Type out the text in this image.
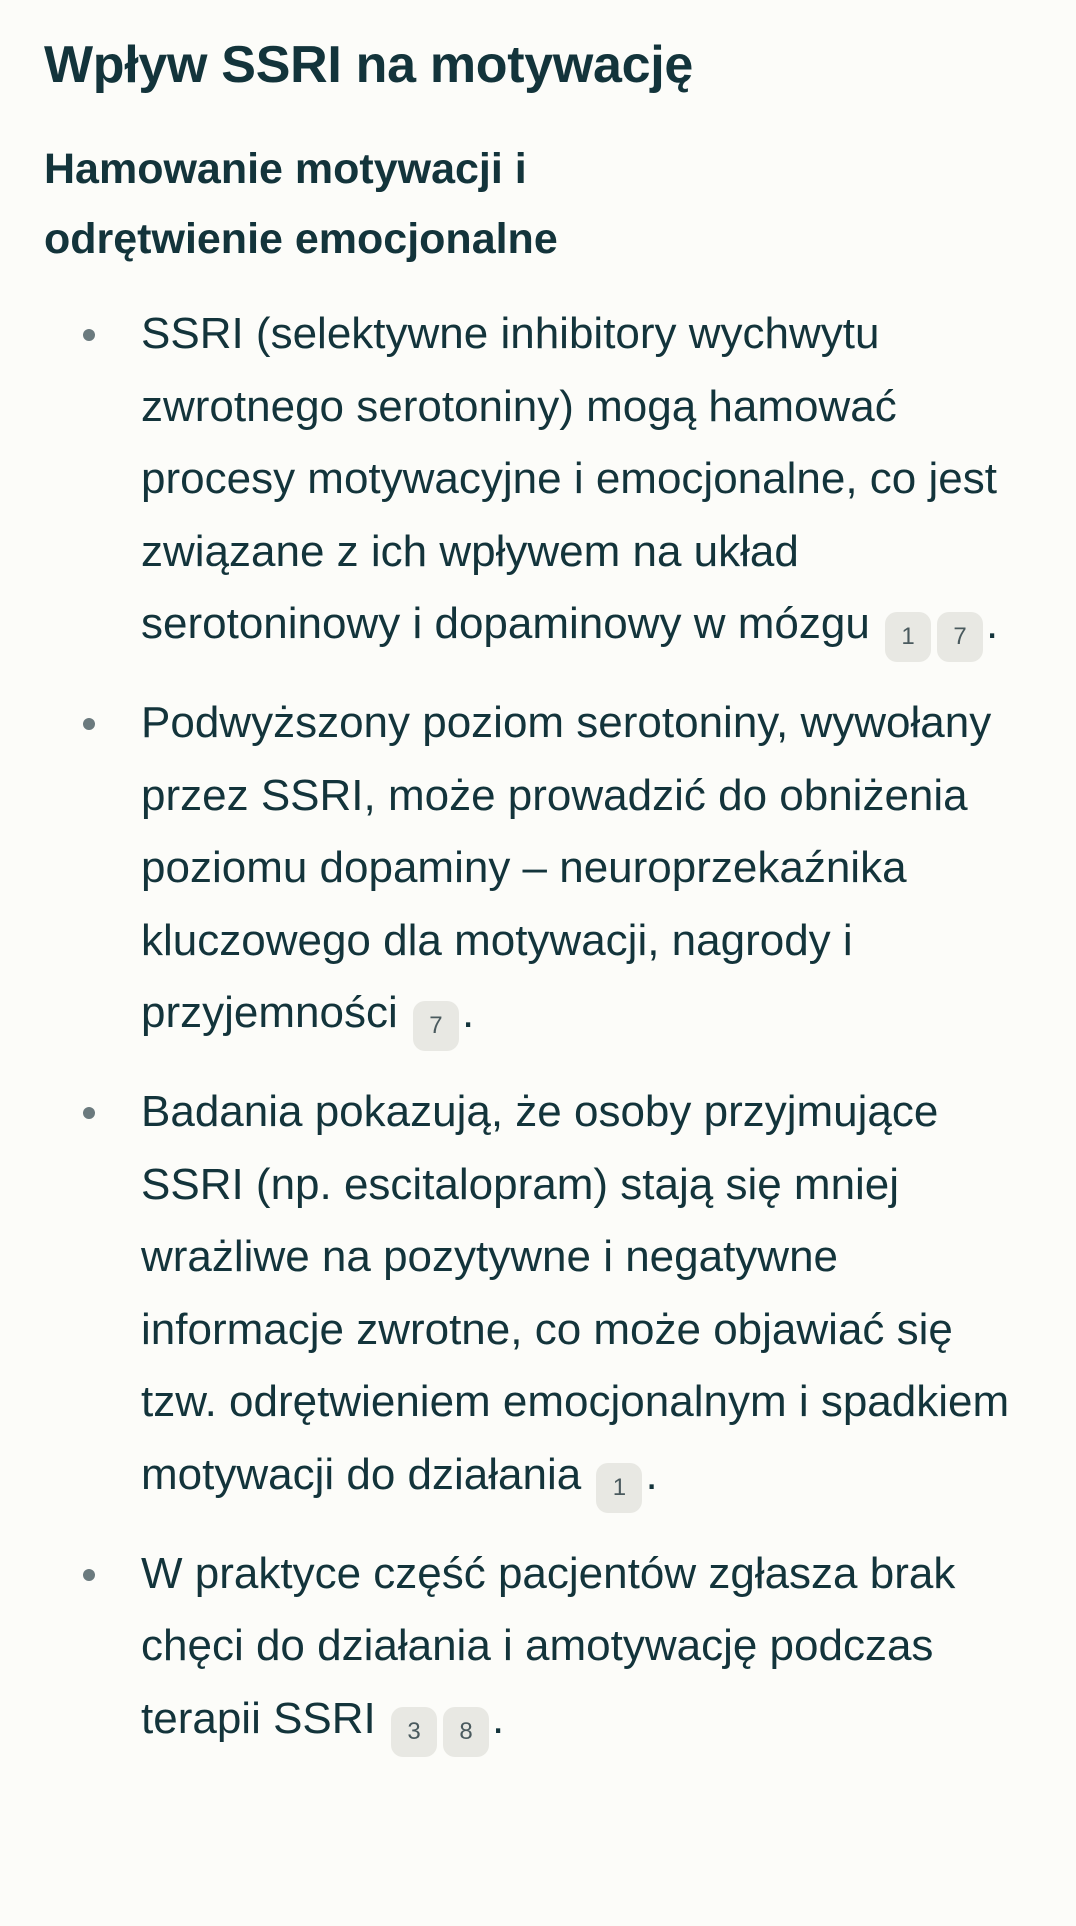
Wpływ SSRI na motywację
Hamowanie motywacji i odrętwienie emocjonalne
SSRI (selektywne inhibitory wychwytu zwrotnego serotoniny) mogą hamować procesy motywacyjne i emocjonalne, co jest związane z ich wpływem na układ serotoninowy i dopaminowy w mózgu 1 7 .
Podwyższony poziom serotoniny, wywołany przez SSRI, może prowadzić do obniżenia poziomu dopaminy – neuroprzekaźnika kluczowego dla motywacji, nagrody i przyjemności 7 .
Badania pokazują, że osoby przyjmujące SSRI (np. escitalopram) stają się mniej wrażliwe na pozytywne i negatywne informacje zwrotne, co może objawiać się tzw. odrętwieniem emocjonalnym i spadkiem motywacji do działania 1 .
W praktyce część pacjentów zgłasza brak chęci do działania i amotywację podczas terapii SSRI 3 8 .
